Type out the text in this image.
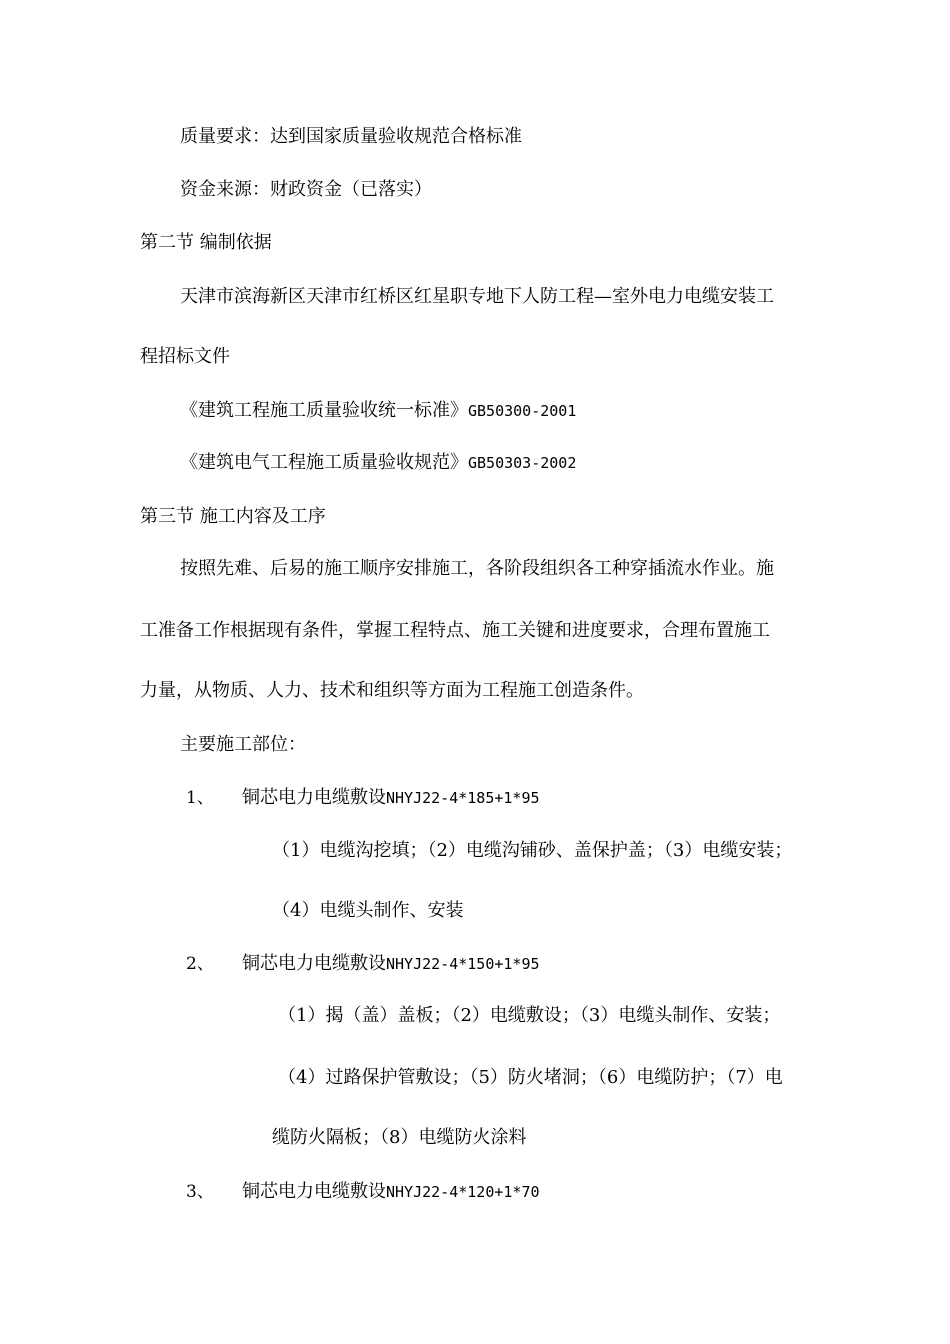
质量要求：达到国家质量验收规范合格标准
资金来源：财政资金（已落实）
第二节 编制依据
天津市滨海新区天津市红桥区红星职专地下人防工程—室外电力电缆安装工
程招标文件
《建筑工程施工质量验收统一标准》GB50300-2001
《建筑电气工程施工质量验收规范》GB50303-2002
第三节 施工内容及工序
按照先难、后易的施工顺序安排施工，各阶段组织各工种穿插流水作业。施
工准备工作根据现有条件，掌握工程特点、施工关键和进度要求，合理布置施工
力量，从物质、人力、技术和组织等方面为工程施工创造条件。
主要施工部位：
1、 铜芯电力电缆敷设NHYJ22-4*185+1*95
（1）电缆沟挖填；（2）电缆沟铺砂、盖保护盖；（3）电缆安装；
（4）电缆头制作、安装
2、 铜芯电力电缆敷设NHYJ22-4*150+1*95
（1）揭（盖）盖板；（2）电缆敷设；（3）电缆头制作、安装；
（4）过路保护管敷设；（5）防火堵洞；（6）电缆防护；（7）电
缆防火隔板；（8）电缆防火涂料
3、 铜芯电力电缆敷设NHYJ22-4*120+1*70
